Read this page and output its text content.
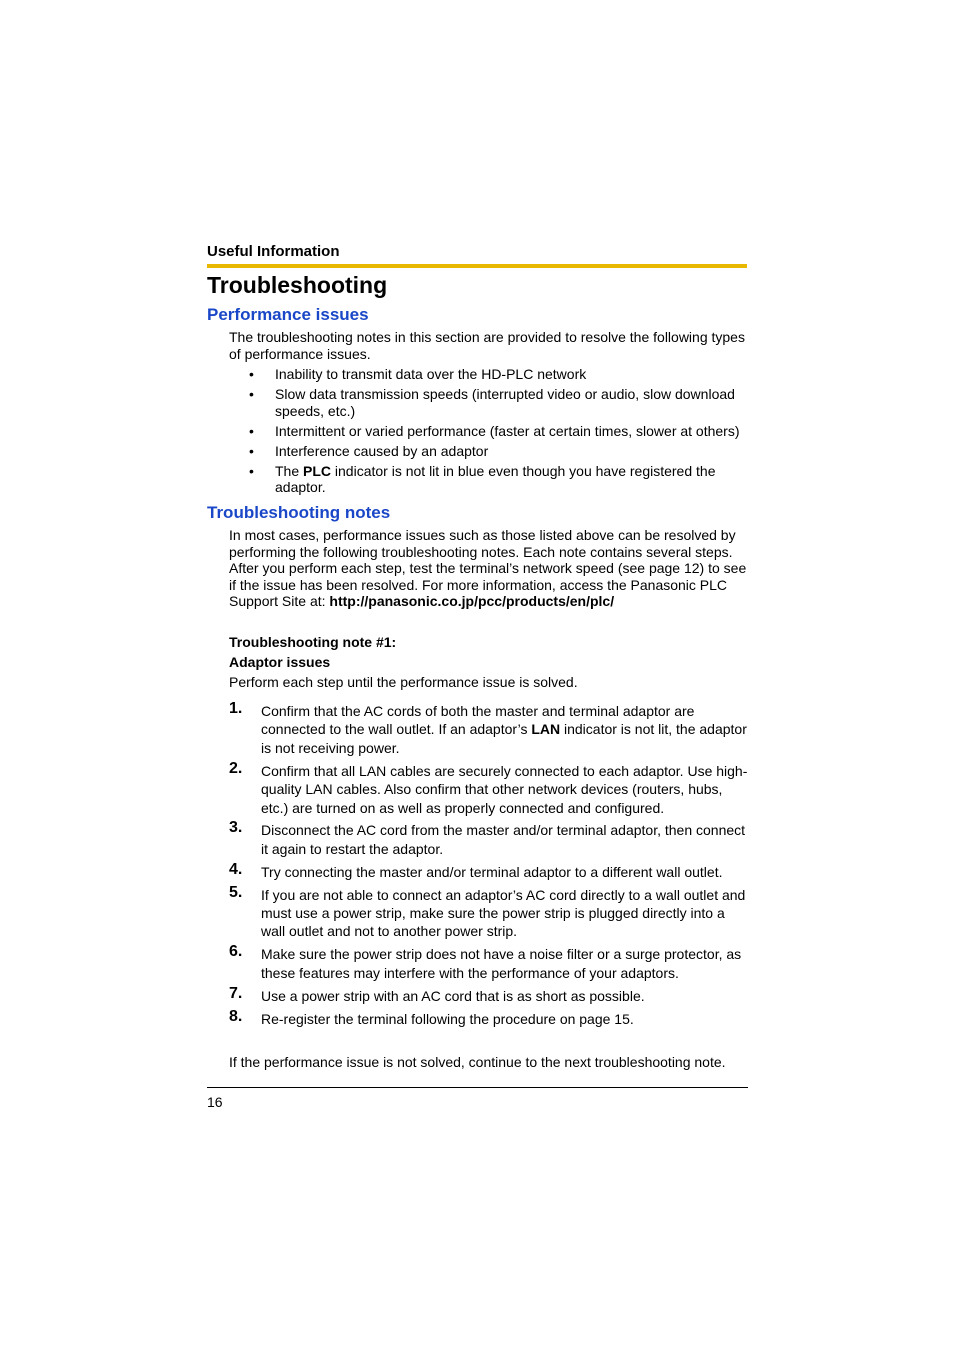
Useful Information
Troubleshooting
Performance issues
The troubleshooting notes in this section are provided to resolve the following types of performance issues.
• Inability to transmit data over the HD-PLC network
• Slow data transmission speeds (interrupted video or audio, slow download speeds, etc.)
• Intermittent or varied performance (faster at certain times, slower at others)
• Interference caused by an adaptor
• The PLC indicator is not lit in blue even though you have registered the adaptor.
Troubleshooting notes
In most cases, performance issues such as those listed above can be resolved by performing the following troubleshooting notes. Each note contains several steps. After you perform each step, test the terminal’s network speed (see page 12) to see if the issue has been resolved. For more information, access the Panasonic PLC Support Site at: http://panasonic.co.jp/pcc/products/en/plc/
Troubleshooting note #1:
Adaptor issues
Perform each step until the performance issue is solved.
1. Confirm that the AC cords of both the master and terminal adaptor are connected to the wall outlet. If an adaptor’s LAN indicator is not lit, the adaptor is not receiving power.
2. Confirm that all LAN cables are securely connected to each adaptor. Use high-quality LAN cables. Also confirm that other network devices (routers, hubs, etc.) are turned on as well as properly connected and configured.
3. Disconnect the AC cord from the master and/or terminal adaptor, then connect it again to restart the adaptor.
4. Try connecting the master and/or terminal adaptor to a different wall outlet.
5. If you are not able to connect an adaptor’s AC cord directly to a wall outlet and must use a power strip, make sure the power strip is plugged directly into a wall outlet and not to another power strip.
6. Make sure the power strip does not have a noise filter or a surge protector, as these features may interfere with the performance of your adaptors.
7. Use a power strip with an AC cord that is as short as possible.
8. Re-register the terminal following the procedure on page 15.
If the performance issue is not solved, continue to the next troubleshooting note.
16
